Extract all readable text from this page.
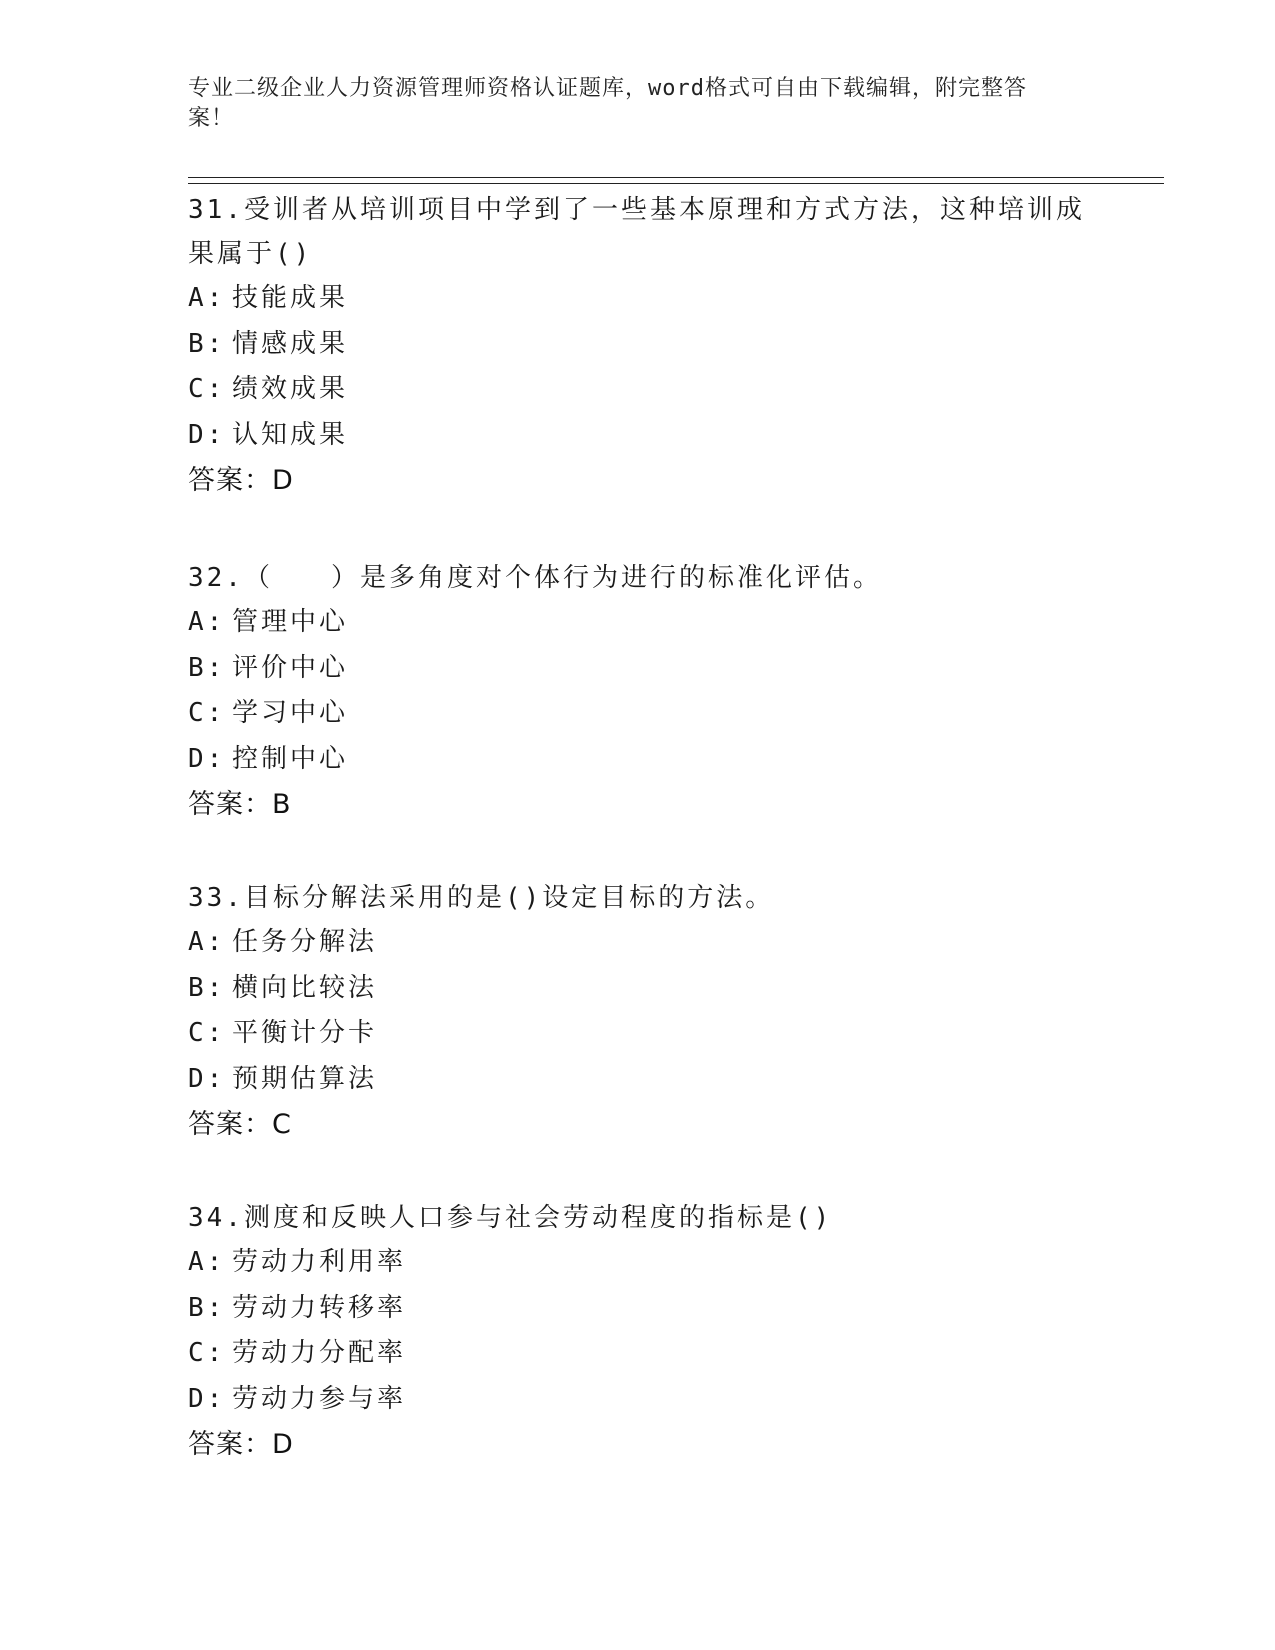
专业二级企业人力资源管理师资格认证题库，word格式可自由下载编辑，附完整答案！
31.受训者从培训项目中学到了一些基本原理和方式方法，这种培训成果属于()
A: 技能成果
B: 情感成果
C: 绩效成果
D: 认知成果
答案：D
32.（　　）是多角度对个体行为进行的标准化评估。
A: 管理中心
B: 评价中心
C: 学习中心
D: 控制中心
答案：B
33.目标分解法采用的是()设定目标的方法。
A: 任务分解法
B: 横向比较法
C: 平衡计分卡
D: 预期估算法
答案：C
34.测度和反映人口参与社会劳动程度的指标是()
A: 劳动力利用率
B: 劳动力转移率
C: 劳动力分配率
D: 劳动力参与率
答案：D
